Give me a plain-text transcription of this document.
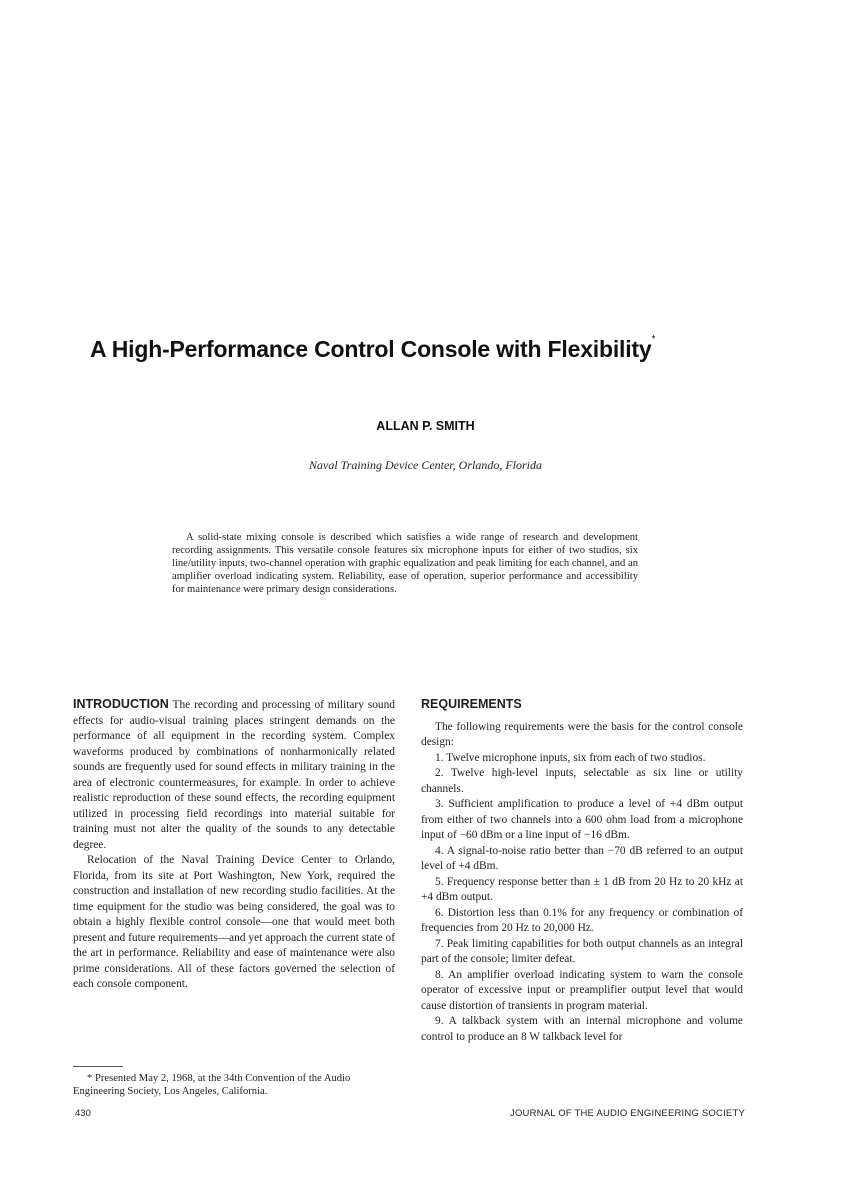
A High-Performance Control Console with Flexibility*
ALLAN P. SMITH
Naval Training Device Center, Orlando, Florida

A solid-state mixing console is described which satisfies a wide range of research and development recording assignments. This versatile console features six microphone inputs for either of two studios, six line/utility inputs, two-channel operation with graphic equalization and peak limiting for each channel, and an amplifier overload indicating system. Reliability, ease of operation, superior performance and accessibility for maintenance were primary design considerations.

INTRODUCTION The recording and processing of military sound effects for audio-visual training places stringent demands on the performance of all equipment in the recording system. Complex waveforms produced by combinations of nonharmonically related sounds are frequently used for sound effects in military training in the area of electronic countermeasures, for example. In order to achieve realistic reproduction of these sound effects, the recording equipment utilized in processing field recordings into material suitable for training must not alter the quality of the sounds to any detectable degree.

Relocation of the Naval Training Device Center to Orlando, Florida, from its site at Port Washington, New York, required the construction and installation of new recording studio facilities. At the time equipment for the studio was being considered, the goal was to obtain a highly flexible control console—one that would meet both present and future requirements—and yet approach the current state of the art in performance. Reliability and ease of maintenance were also prime considerations. All of these factors governed the selection of each console component.

* Presented May 2, 1968, at the 34th Convention of the Audio Engineering Society, Los Angeles, California.

REQUIREMENTS

The following requirements were the basis for the control console design:

1. Twelve microphone inputs, six from each of two studios.

2. Twelve high-level inputs, selectable as six line or utility channels.

3. Sufficient amplification to produce a level of +4 dBm output from either of two channels into a 600 ohm load from a microphone input of −60 dBm or a line input of −16 dBm.

4. A signal-to-noise ratio better than −70 dB referred to an output level of +4 dBm.

5. Frequency response better than ± 1 dB from 20 Hz to 20 kHz at +4 dBm output.

6. Distortion less than 0.1% for any frequency or combination of frequencies from 20 Hz to 20,000 Hz.

7. Peak limiting capabilities for both output channels as an integral part of the console; limiter defeat.

8. An amplifier overload indicating system to warn the console operator of excessive input or preamplifier output level that would cause distortion of transients in program material.

9. A talkback system with an internal microphone and volume control to produce an 8 W talkback level for

430	JOURNAL OF THE AUDIO ENGINEERING SOCIETY
